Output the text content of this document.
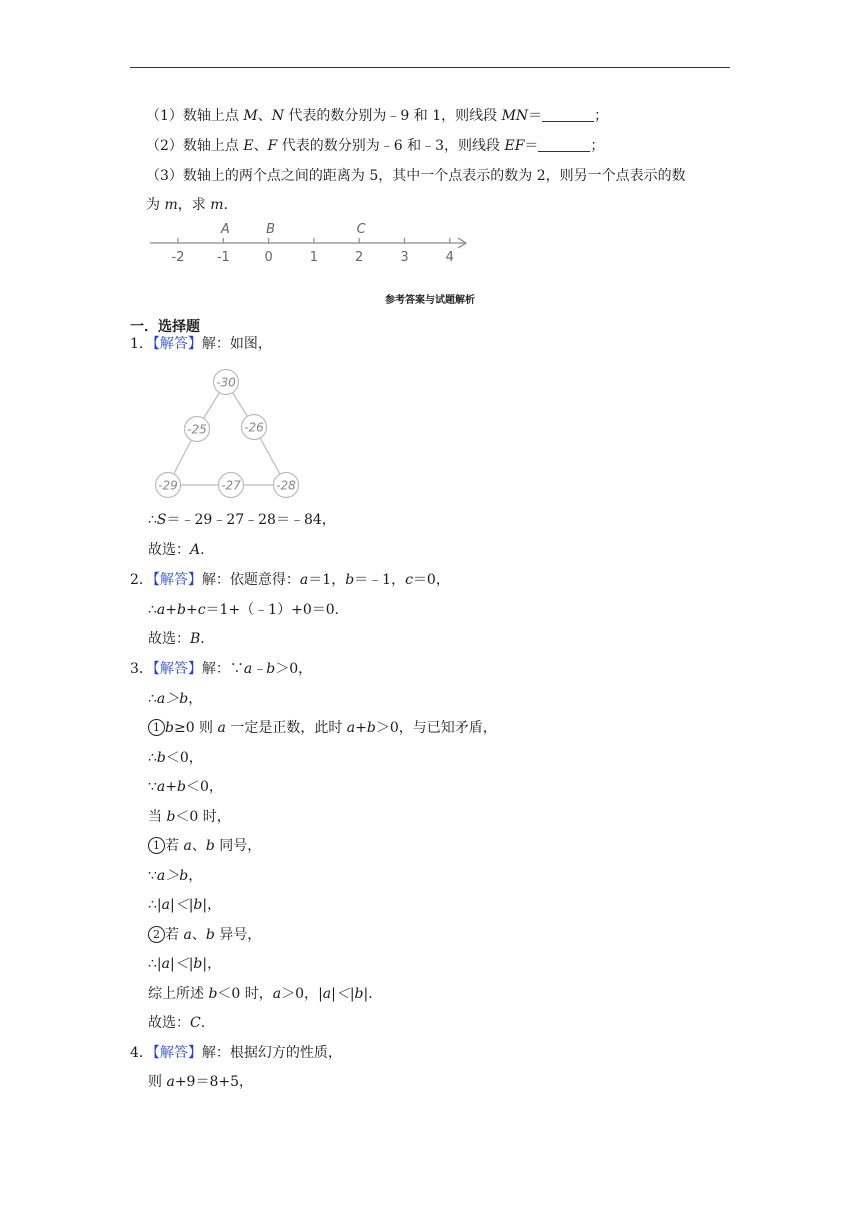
（1）数轴上点 M、N 代表的数分别为﹣9 和 1，则线段 MN＝	；
（2）数轴上点 E、F 代表的数分别为﹣6 和﹣3，则线段 EF＝	；
（3）数轴上的两个点之间的距离为 5，其中一个点表示的数为 2，则另一个点表示的数
为 m，求 m.
-2 -1	0	1	2	3	4
A	B	C
参考答案与试题解析
一．选择题
1．【解答】解：如图，
-30
-25	-26
-29	-27	-28
∴S＝﹣29﹣27﹣28＝﹣84，
故选：A.
2．【解答】解：依题意得：a＝1，b＝﹣1，c＝0，
∴a+b+c＝1+（﹣1）+0＝0.
故选：B.
3．【解答】解：∵a﹣b＞0，
∴a＞b，
1 b≥0 则 a 一定是正数，此时 a+b＞0，与已知矛盾，
∴b＜0，
∵a+b＜0，
当 b＜0 时，
1 若 a、b 同号，
∵a＞b，
∴|a|＜|b|，
2 若 a、b 异号，
∴|a|＜|b|，
综上所述 b＜0 时，a＞0，|a|＜|b|.
故选：C.
4．【解答】解：根据幻方的性质，
则 a+9＝8+5，
